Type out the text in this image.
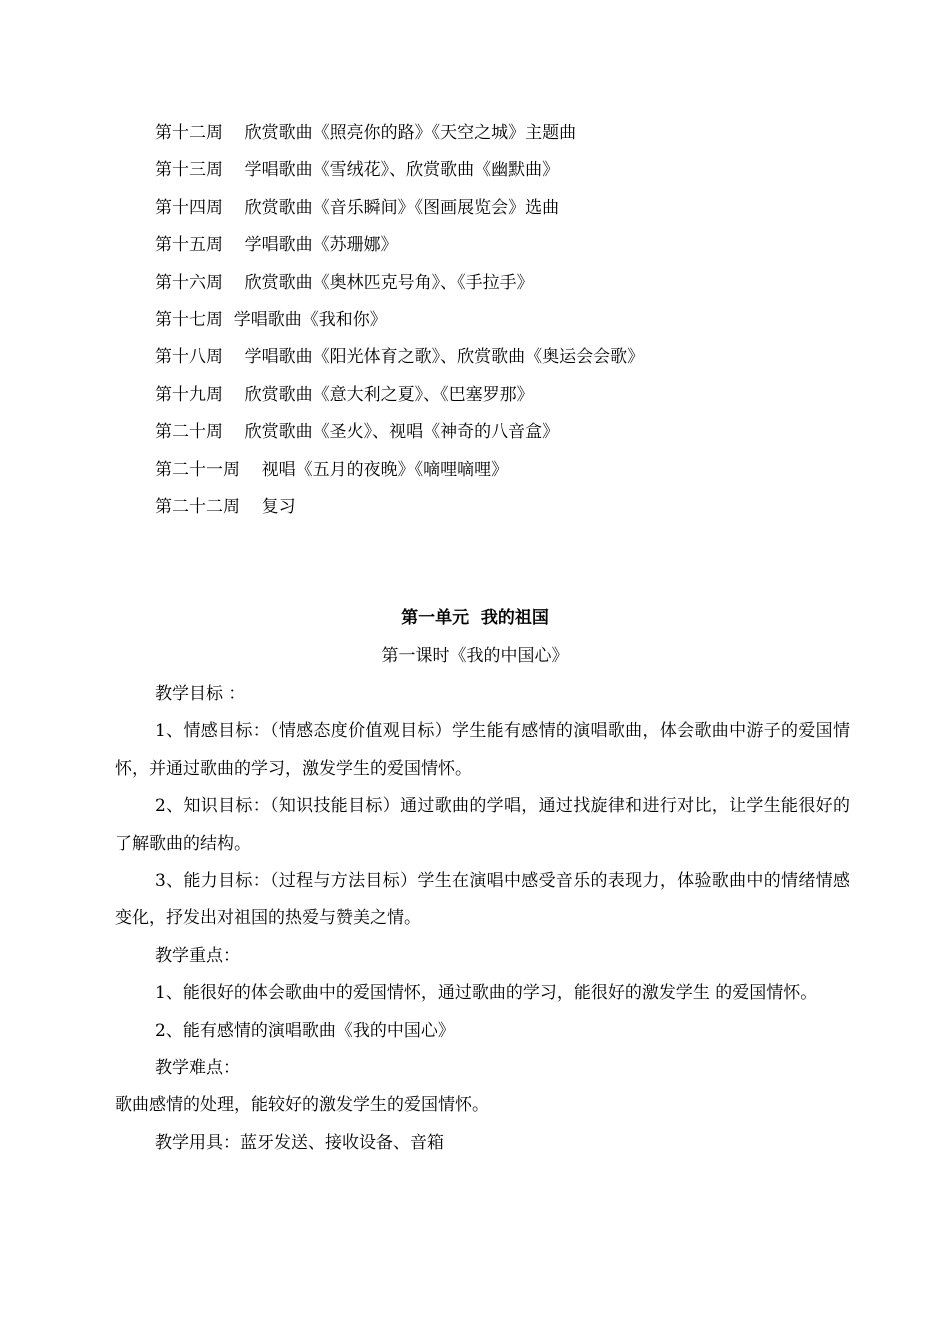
第十二周    欣赏歌曲《照亮你的路》《天空之城》主题曲
第十三周    学唱歌曲《雪绒花》、欣赏歌曲《幽默曲》
第十四周    欣赏歌曲《音乐瞬间》《图画展览会》选曲
第十五周    学唱歌曲《苏珊娜》
第十六周    欣赏歌曲《奥林匹克号角》、《手拉手》
第十七周  学唱歌曲《我和你》
第十八周    学唱歌曲《阳光体育之歌》、欣赏歌曲《奥运会会歌》
第十九周    欣赏歌曲《意大利之夏》、《巴塞罗那》
第二十周    欣赏歌曲《圣火》、视唱《神奇的八音盒》
第二十一周    视唱《五月的夜晚》《嘀哩嘀哩》
第二十二周    复习
第一单元  我的祖国
第一课时《我的中国心》

教学目标 ：

1、情感目标：（情感态度价值观目标）学生能有感情的演唱歌曲，体会歌曲中游子的爱国情怀，并通过歌曲的学习，激发学生的爱国情怀。

2、知识目标：（知识技能目标）通过歌曲的学唱，通过找旋律和进行对比，让学生能很好的了解歌曲的结构。

3、能力目标：（过程与方法目标）学生在演唱中感受音乐的表现力，体验歌曲中的情绪情感变化，抒发出对祖国的热爱与赞美之情。

教学重点：

1、能很好的体会歌曲中的爱国情怀，通过歌曲的学习，能很好的激发学生 的爱国情怀。

2、能有感情的演唱歌曲《我的中国心》

教学难点：

歌曲感情的处理，能较好的激发学生的爱国情怀。

教学用具：蓝牙发送、接收设备、音箱
